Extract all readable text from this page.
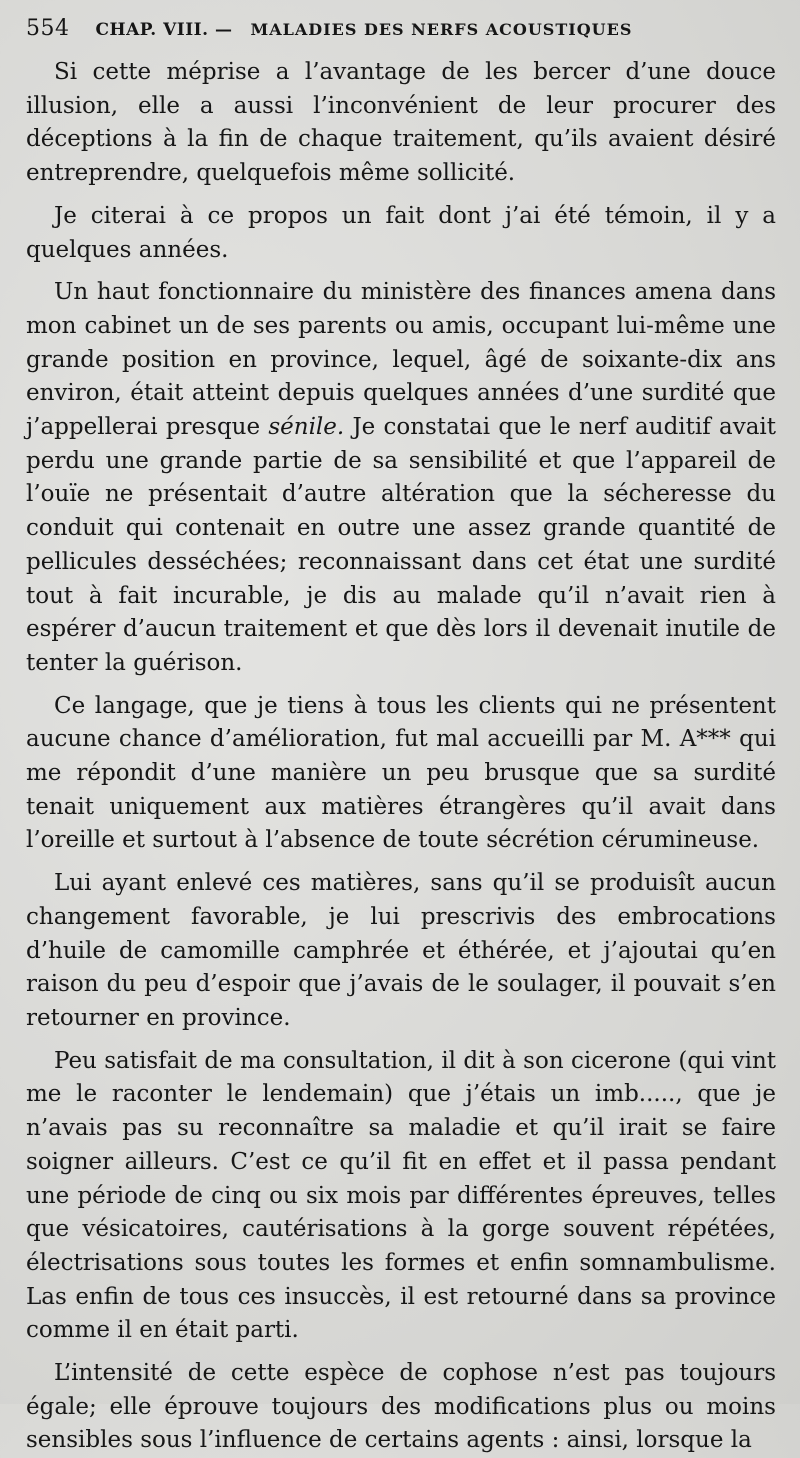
554 CHAP. VIII. — MALADIES DES NERFS ACOUSTIQUES

Si cette méprise a l’avantage de les bercer d’une douce illusion, elle a aussi l’inconvénient de leur procurer des déceptions à la fin de chaque traitement, qu’ils avaient désiré entreprendre, quelquefois même sollicité.

Je citerai à ce propos un fait dont j’ai été témoin, il y a quelques années.

Un haut fonctionnaire du ministère des finances amena dans mon cabinet un de ses parents ou amis, occupant lui-même une grande position en province, lequel, âgé de soixante-dix ans environ, était atteint depuis quelques années d’une surdité que j’appellerai presque sénile. Je constatai que le nerf auditif avait perdu une grande partie de sa sensibilité et que l’appareil de l’ouïe ne présentait d’autre altération que la sécheresse du conduit qui contenait en outre une assez grande quantité de pellicules desséchées; reconnaissant dans cet état une surdité tout à fait incurable, je dis au malade qu’il n’avait rien à espérer d’aucun traitement et que dès lors il devenait inutile de tenter la guérison.

Ce langage, que je tiens à tous les clients qui ne présentent aucune chance d’amélioration, fut mal accueilli par M. A*** qui me répondit d’une manière un peu brusque que sa surdité tenait uniquement aux matières étrangères qu’il avait dans l’oreille et surtout à l’absence de toute sécrétion cérumineuse.

Lui ayant enlevé ces matières, sans qu’il se produisît aucun changement favorable, je lui prescrivis des embrocations d’huile de camomille camphrée et éthérée, et j’ajoutai qu’en raison du peu d’espoir que j’avais de le soulager, il pouvait s’en retourner en province.

Peu satisfait de ma consultation, il dit à son cicerone (qui vint me le raconter le lendemain) que j’étais un imb....., que je n’avais pas su reconnaître sa maladie et qu’il irait se faire soigner ailleurs. C’est ce qu’il fit en effet et il passa pendant une période de cinq ou six mois par différentes épreuves, telles que vésicatoires, cautérisations à la gorge souvent répétées, électrisations sous toutes les formes et enfin somnambulisme. Las enfin de tous ces insuccès, il est retourné dans sa province comme il en était parti.

L’intensité de cette espèce de cophose n’est pas toujours égale; elle éprouve toujours des modifications plus ou moins sensibles sous l’influence de certains agents : ainsi, lorsque la
